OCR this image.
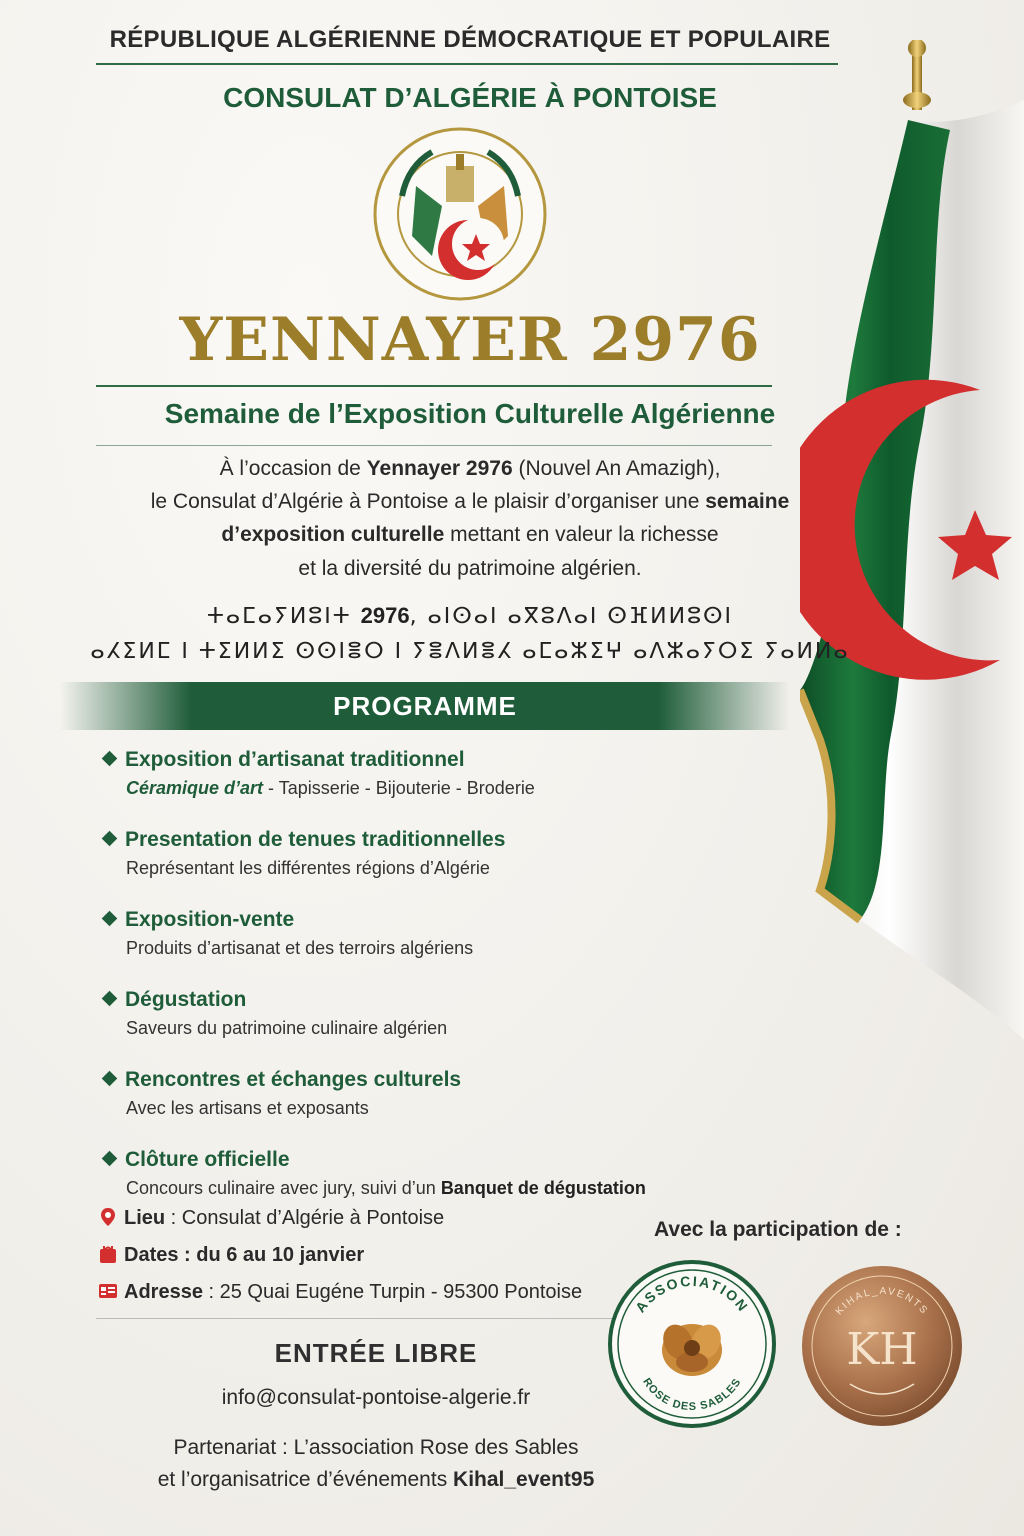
RÉPUBLIQUE ALGÉRIENNE DÉMOCRATIQUE ET POPULAIRE
CONSULAT D’ALGÉRIE À PONTOISE
YENNAYER 2976
Semaine de l’Exposition Culturelle Algérienne
À l’occasion de Yennayer 2976 (Nouvel An Amazigh),
le Consulat d’Algérie à Pontoise a le plaisir d’organiser une semaine
d’exposition culturelle mettant en valeur la richesse
et la diversité du patrimoine algérien.
ⵜⴰⵎⴰⵢⵍⵓⵏⵜ 2976, ⴰⵏⵙⴰⵏ ⴰⴳⵓⴷⴰⵏ ⵙⴼⵍⵍⵓⵙⵏ
ⴰⵃⵉⵍⵎ ⵏ ⵜⵉⵍⵍⵉ ⵙⵙⵏⴻⵔ ⵏ ⵢⴻⴷⵍⴻⵃ ⴰⵎⴰⵣⵉⵖ ⴰⴷⵣⴰⵢⵔⵉ ⵢⴰⵍⵍⴰ
PROGRAMME
Exposition d’artisanat traditionnel
Céramique d’art - Tapisserie - Bijouterie - Broderie
Presentation de tenues traditionnelles
Représentant les différentes régions d’Algérie
Exposition-vente
Produits d’artisanat et des terroirs algériens
Dégustation
Saveurs du patrimoine culinaire algérien
Rencontres et échanges culturels
Avec les artisans et exposants
Clôture officielle
Concours culinaire avec jury, suivi d’un Banquet de dégustation
Lieu : Consulat d’Algérie à Pontoise
Dates : du 6 au 10 janvier
Adresse : 25 Quai Eugéne Turpin - 95300 Pontoise
ENTRÉE LIBRE
info@consulat-pontoise-algerie.fr
Partenariat : L’association Rose des Sables
et l’organisatrice d’événements Kihal_event95
Avec la participation de :
ASSOCIATION
ROSE DES SABLES
KIHAL_AVENTS
KH
